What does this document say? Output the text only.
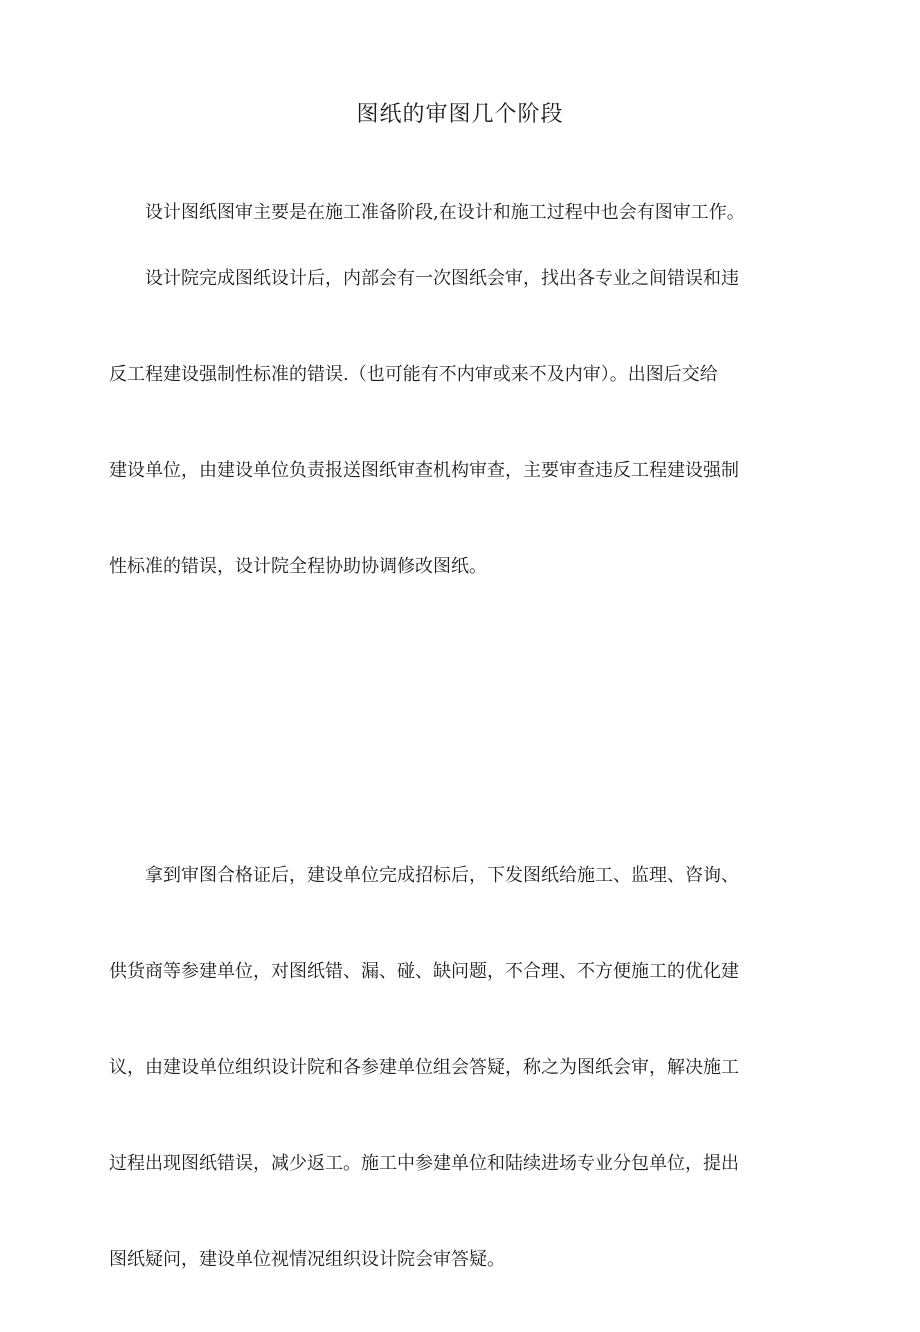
图纸的审图几个阶段

　　设计图纸图审主要是在施工准备阶段,在设计和施工过程中也会有图审工作。

　　设计院完成图纸设计后，内部会有一次图纸会审，找出各专业之间错误和违

反工程建设强制性标准的错误.（也可能有不内审或来不及内审）。出图后交给

建设单位，由建设单位负责报送图纸审查机构审查，主要审查违反工程建设强制

性标准的错误，设计院全程协助协调修改图纸。

　　拿到审图合格证后，建设单位完成招标后，下发图纸给施工、监理、咨询、

供货商等参建单位，对图纸错、漏、碰、缺问题，不合理、不方便施工的优化建

议，由建设单位组织设计院和各参建单位组会答疑，称之为图纸会审，解决施工

过程出现图纸错误，减少返工。施工中参建单位和陆续进场专业分包单位，提出

图纸疑问，建设单位视情况组织设计院会审答疑。
